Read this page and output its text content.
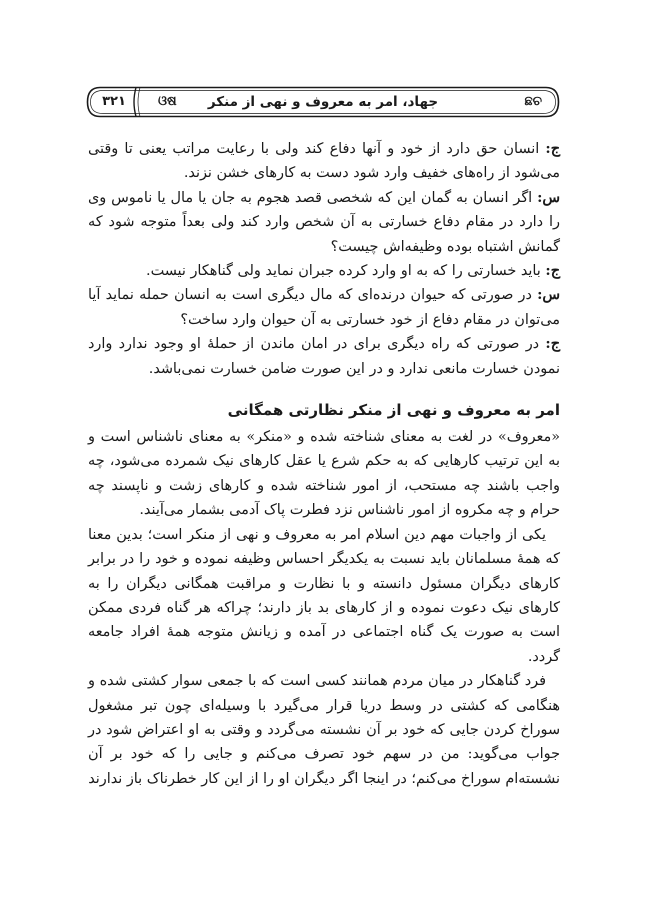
۳۲۱	ଓଷ	جهاد، امر به معروف و نهی از منکر	ଛଚ

ج: انسان حق دارد از خود و آنها دفاع کند ولی با رعایت مراتب یعنی تا وقتی می‌شود از راه‌های خفیف وارد شود دست به کارهای خشن نزند.

س: اگر انسان به گمان این که شخصی قصد هجوم به جان یا مال یا ناموس وی را دارد در مقام دفاع خسارتی به آن شخص وارد کند ولی بعداً متوجه شود که گمانش اشتباه بوده وظیفه‌اش چیست؟

ج: باید خسارتی را که به او وارد کرده جبران نماید ولی گناهکار نیست.

س: در صورتی که حیوان درنده‌ای که مال دیگری است به انسان حمله نماید آیا می‌توان در مقام دفاع از خود خسارتی به آن حیوان وارد ساخت؟

ج: در صورتی که راه دیگری برای در امان ماندن از حملهٔ او وجود ندارد وارد نمودن خسارت مانعی ندارد و در این صورت ضامن خسارت نمی‌باشد.

امر به معروف و نهی از منکر نظارتی همگانی

«معروف» در لغت به معنای شناخته شده و «منکر» به معنای ناشناس است و به این ترتیب کارهایی که به حکم شرع یا عقل کارهای نیک شمرده می‌شود، چه واجب باشند چه مستحب، از امور شناخته شده و کارهای زشت و ناپسند چه حرام و چه مکروه از امور ناشناس نزد فطرت پاک آدمی بشمار می‌آیند.

یکی از واجبات مهم دین اسلام امر به معروف و نهی از منکر است؛ بدین معنا که همهٔ مسلمانان باید نسبت به یکدیگر احساس وظیفه نموده و خود را در برابر کارهای دیگران مسئول دانسته و با نظارت و مراقبت همگانی دیگران را به کارهای نیک دعوت نموده و از کارهای بد باز دارند؛ چراکه هر گناه فردی ممکن است به صورت یک گناه اجتماعی در آمده و زیانش متوجه همهٔ افراد جامعه گردد.

فرد گناهکار در میان مردم همانند کسی است که با جمعی سوار کشتی شده و هنگامی که کشتی در وسط دریا قرار می‌گیرد با وسیله‌ای چون تبر مشغول سوراخ کردن جایی که خود بر آن نشسته می‌گردد و وقتی به او اعتراض شود در جواب می‌گوید: من در سهم خود تصرف می‌کنم و جایی را که خود بر آن نشسته‌ام سوراخ می‌کنم؛ در اینجا اگر دیگران او را از این کار خطرناک باز ندارند
